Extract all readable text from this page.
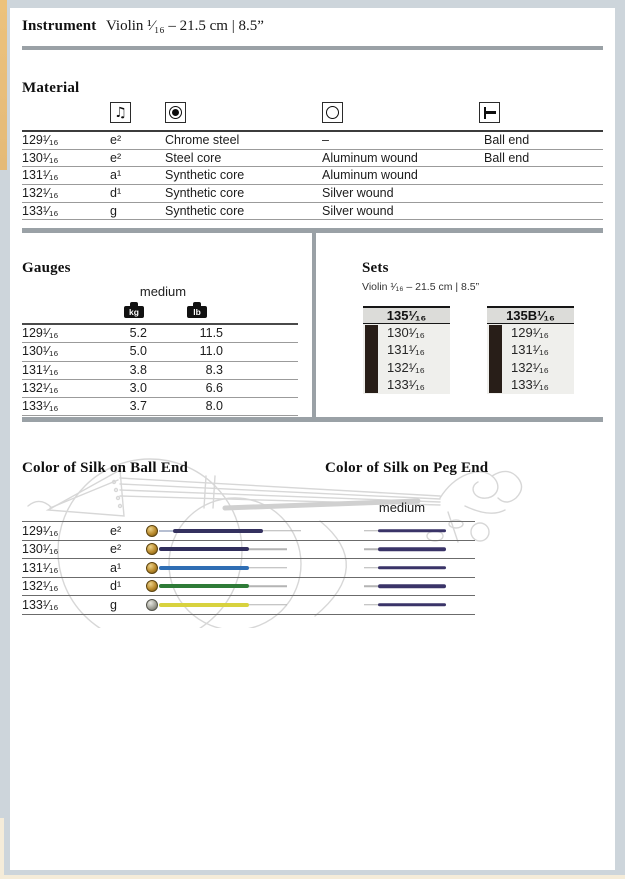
Instrument Violin ¹⁄₁₆ – 21.5 cm | 8.5”
Material
♫
129¹⁄₁₆	e²	Chrome steel	–	Ball end
130¹⁄₁₆	e²	Steel core	Aluminum wound	Ball end
131¹⁄₁₆	a¹	Synthetic core	Aluminum wound
132¹⁄₁₆	d¹	Synthetic core	Silver wound
133¹⁄₁₆	g	Synthetic core	Silver wound
Gauges
medium
kg	lb
129¹⁄₁₆	5.2	11.5
130¹⁄₁₆	5.0	11.0
131¹⁄₁₆	3.8	8.3
132¹⁄₁₆	3.0	6.6
133¹⁄₁₆	3.7	8.0
Sets
Violin ¹⁄₁₆ – 21.5 cm | 8.5”
135¹⁄₁₆
130¹⁄₁₆
131¹⁄₁₆
132¹⁄₁₆
133¹⁄₁₆
135B¹⁄₁₆
129¹⁄₁₆
131¹⁄₁₆
132¹⁄₁₆
133¹⁄₁₆
Color of Silk on Ball End	Color of Silk on Peg End
medium
129¹⁄₁₆	e²
130¹⁄₁₆	e²
131¹⁄₁₆	a¹
132¹⁄₁₆	d¹
133¹⁄₁₆	g
